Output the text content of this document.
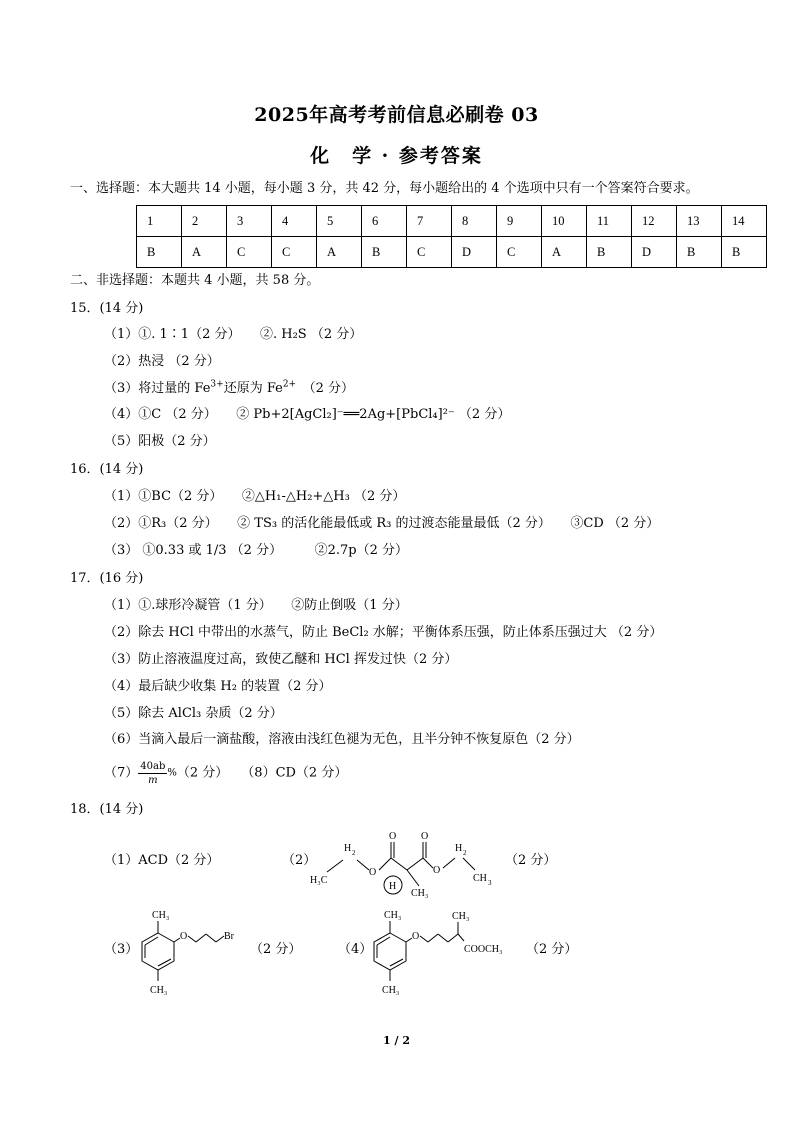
2025年高考考前信息必刷卷 03
化　学 · 参考答案
一、选择题：本大题共 14 小题，每小题 3 分，共 42 分，每小题给出的 4 个选项中只有一个答案符合要求。
1	2	3	4	5	6	7	8	9	10	11	12	13	14
B	A	C	C	A	B	C	D	C	A	B	D	B	B
二、非选择题：本题共 4 小题，共 58 分。
15．(14 分)
（1）①. 1∶1（2 分）　　②. H₂S （2 分）
（2）热浸 （2 分）
（3）将过量的 $Fe^{3+}$还原为 $Fe^{2+}$　（2 分）
（4）①C （2 分）　　② Pb+2[AgCl₂]⁻══2Ag+[PbCl₄]²⁻ （2 分）
（5）阳极（2 分）
16．(14 分)
（1）①BC（2 分）　　②△H₁-△H₂+△H₃ （2 分）
（2）①R₃（2 分）　　② TS₃ 的活化能最低或 R₃ 的过渡态能量最低（2 分）　　③CD （2 分）
（3） ①0.33 或 1/3 （2 分）　　　②2.7p（2 分）
17．(16 分)
（1）①.球形冷凝管（1 分）　　②防止倒吸（1 分）
（2）除去 HCl 中带出的水蒸气，防止 BeCl₂ 水解；平衡体系压强，防止体系压强过大 （2 分）
（3）防止溶液温度过高，致使乙醚和 HCl 挥发过快（2 分）
（4）最后缺少收集 H₂ 的装置（2 分）
（5）除去 AlCl₃ 杂质（2 分）
（6）当滴入最后一滴盐酸，溶液由浅红色褪为无色，且半分钟不恢复原色（2 分）
$(7) \frac{40ab}{m} \%(2$ 分）　　（8）CD（2 分）
18．(14 分)
（1）ACD（2 分）	（2）	（2 分）
H 2
H₃C
O
O O
O
H 2
CH 3
H
CH₃
（3）	（2 分）
CH₃
O	Br
CH₃
（4）	（2 分）
CH₃
O
CH₃
COOCH₃
CH₃
1 / 2
